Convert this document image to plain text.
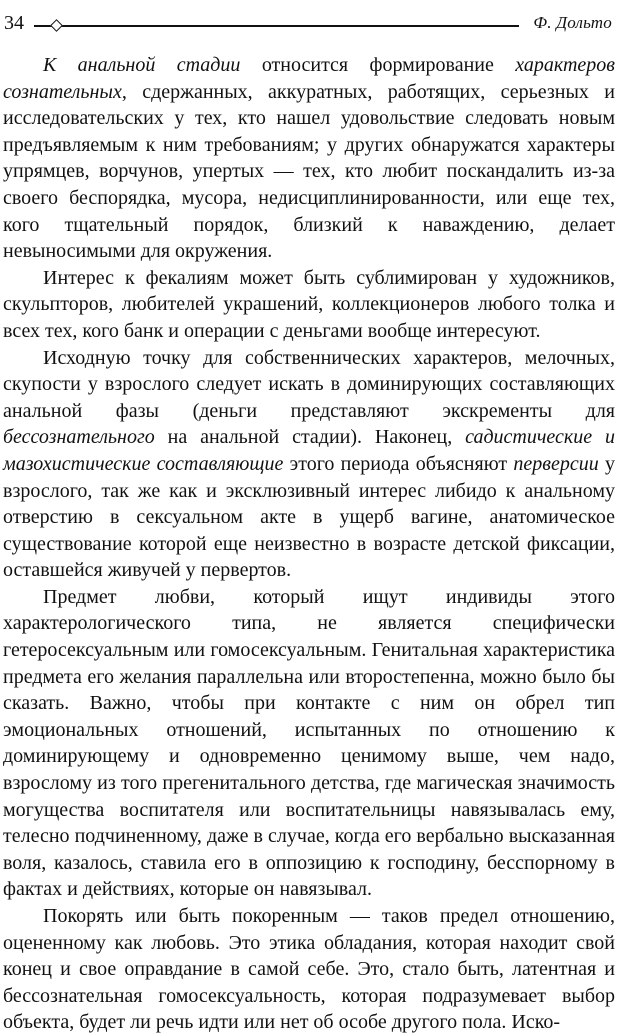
34	Ф. Дольто

К анальной стадии относится формирование характеров сознательных, сдержанных, аккуратных, работящих, серьезных и исследовательских у тех, кто нашел удовольствие следовать новым предъявляемым к ним требованиям; у других обнаружатся характеры упрямцев, ворчунов, упертых — тех, кто любит поскандалить из-за своего беспорядка, мусора, недисциплинированности, или еще тех, кого тщательный порядок, близкий к наваждению, делает невыносимыми для окружения.

Интерес к фекалиям может быть сублимирован у художников, скульпторов, любителей украшений, коллекционеров любого толка и всех тех, кого банк и операции с деньгами вообще интересуют.

Исходную точку для собственнических характеров, мелочных, скупости у взрослого следует искать в доминирующих составляющих анальной фазы (деньги представляют экскременты для бессознательного на анальной стадии). Наконец, садистические и мазохистические составляющие этого периода объясняют перверсии у взрослого, так же как и эксклюзивный интерес либидо к анальному отверстию в сексуальном акте в ущерб вагине, анатомическое существование которой еще неизвестно в возрасте детской фиксации, оставшейся живучей у первертов.

Предмет любви, который ищут индивиды этого характерологического типа, не является специфически гетеросексуальным или гомосексуальным. Генитальная характеристика предмета его желания параллельна или второстепенна, можно было бы сказать. Важно, чтобы при контакте с ним он обрел тип эмоциональных отношений, испытанных по отношению к доминирующему и одновременно ценимому выше, чем надо, взрослому из того прегенитального детства, где магическая значимость могущества воспитателя или воспитательницы навязывалась ему, телесно подчиненному, даже в случае, когда его вербально высказанная воля, казалось, ставила его в оппозицию к господину, бесспорному в фактах и действиях, которые он навязывал.

Покорять или быть покоренным — таков предел отношению, оцененному как любовь. Это этика обладания, которая находит свой конец и свое оправдание в самой себе. Это, стало быть, латентная и бессознательная гомосексуальность, которая подразумевает выбор объекта, будет ли речь идти или нет об особе другого пола. Иско-
